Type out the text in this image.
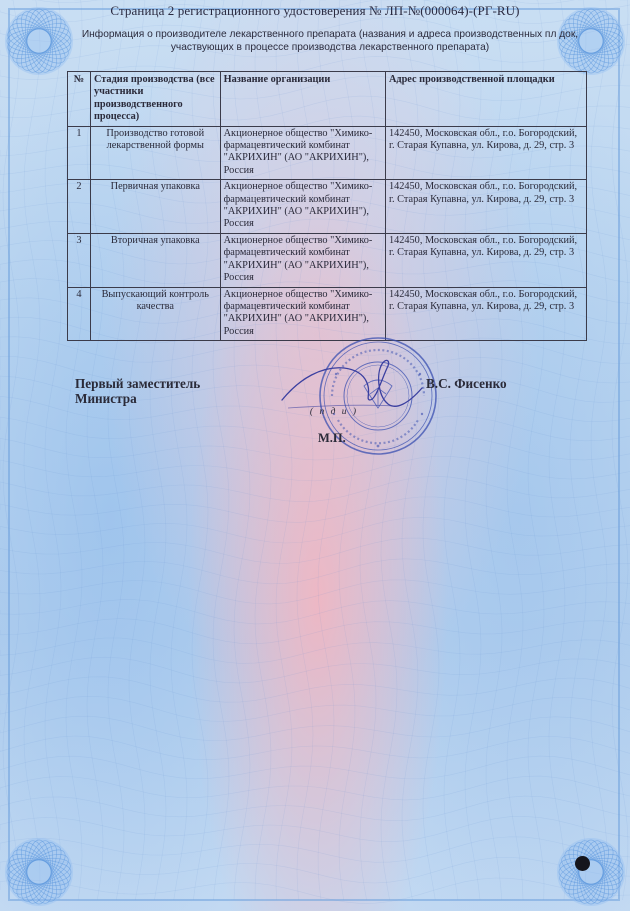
Страница 2 регистрационного удостоверения № ЛП-№(000064)-(РГ-RU)
Информация о производителе лекарственного препарата (названия и адреса производственных пл док,
участвующих в процессе производства лекарственного препарата)
№	Стадия производства (все участники производственного процесса)	Название организации	Адрес производственной площадки
1	Производство готовой лекарственной формы	Акционерное общество "Химико-фармацевтический комбинат "АКРИХИН" (АО "АКРИХИН"), Россия	142450, Московская обл., г.о. Богородский, г. Старая Купавна, ул. Кирова, д. 29, стр. 3
2	Первичная упаковка	Акционерное общество "Химико-фармацевтический комбинат "АКРИХИН" (АО "АКРИХИН"), Россия	142450, Московская обл., г.о. Богородский, г. Старая Купавна, ул. Кирова, д. 29, стр. 3
3	Вторичная упаковка	Акционерное общество "Химико-фармацевтический комбинат "АКРИХИН" (АО "АКРИХИН"), Россия	142450, Московская обл., г.о. Богородский, г. Старая Купавна, ул. Кирова, д. 29, стр. 3
4	Выпускающий контроль качества	Акционерное общество "Химико-фармацевтический комбинат "АКРИХИН" (АО "АКРИХИН"), Россия	142450, Московская обл., г.о. Богородский, г. Старая Купавна, ул. Кирова, д. 29, стр. 3
Первый заместитель
Министра
В.С. Фисенко
( п д и )
М.П.
